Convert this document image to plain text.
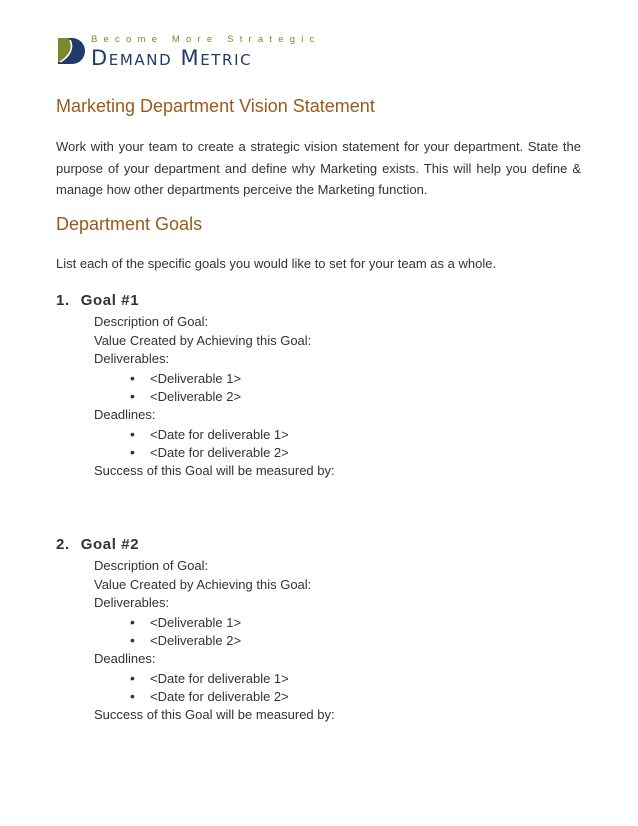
Become More Strategic
Demand Metric
Marketing Department Vision Statement
Work with your team to create a strategic vision statement for your department. State the purpose of your department and define why Marketing exists. This will help you define & manage how other departments perceive the Marketing function.
Department Goals
List each of the specific goals you would like to set for your team as a whole.
1. Goal #1
Description of Goal:
Value Created by Achieving this Goal:
Deliverables:
• <Deliverable 1>
• <Deliverable 2>
Deadlines:
• <Date for deliverable 1>
• <Date for deliverable 2>
Success of this Goal will be measured by:
2. Goal #2
Description of Goal:
Value Created by Achieving this Goal:
Deliverables:
• <Deliverable 1>
• <Deliverable 2>
Deadlines:
• <Date for deliverable 1>
• <Date for deliverable 2>
Success of this Goal will be measured by:
